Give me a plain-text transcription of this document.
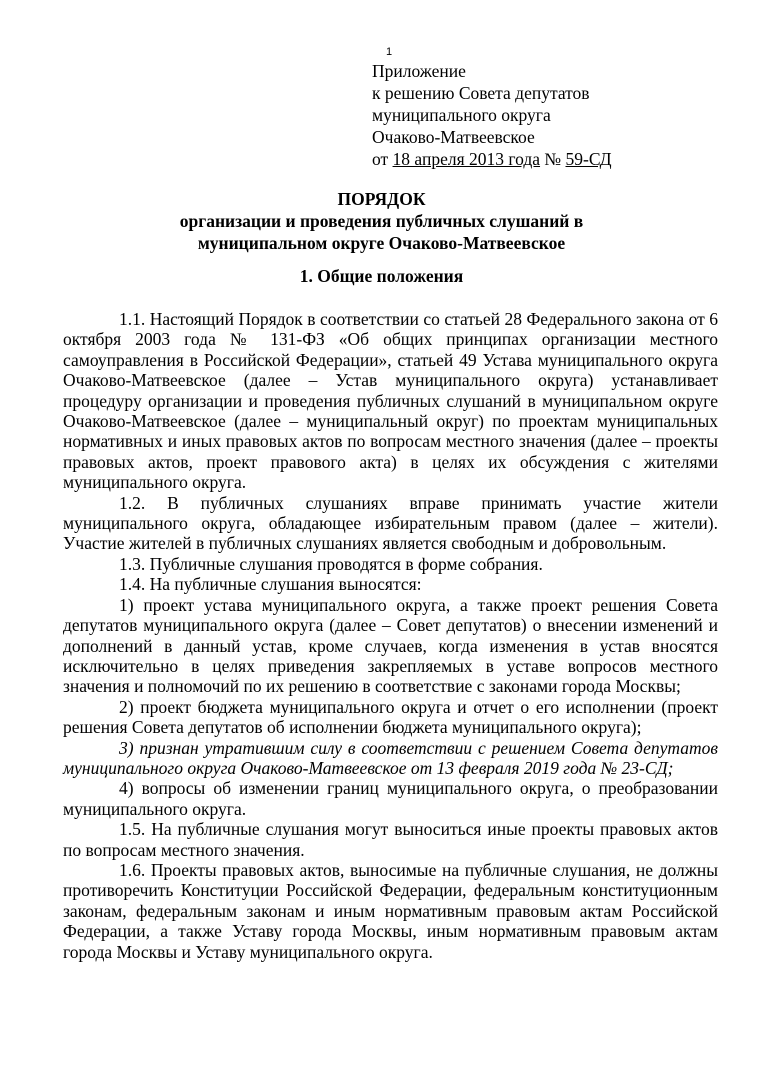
1
Приложение
к решению Совета депутатов
муниципального округа
Очаково-Матвеевское
от 18 апреля 2013 года № 59-СД
ПОРЯДОК
организации и проведения публичных слушаний в
муниципальном округе Очаково-Матвеевское
1. Общие положения

1.1. Настоящий Порядок в соответствии со статьей 28 Федерального закона от 6 октября 2003 года № 131-ФЗ «Об общих принципах организации местного самоуправления в Российской Федерации», статьей 49 Устава муниципального округа Очаково-Матвеевское (далее – Устав муниципального округа) устанавливает процедуру организации и проведения публичных слушаний в муниципальном округе Очаково-Матвеевское (далее – муниципальный округ) по проектам муниципальных нормативных и иных правовых актов по вопросам местного значения (далее – проекты правовых актов, проект правового акта) в целях их обсуждения с жителями муниципального округа.

1.2. В публичных слушаниях вправе принимать участие жители муниципального округа, обладающее избирательным правом (далее – жители). Участие жителей в публичных слушаниях является свободным и добровольным.

1.3. Публичные слушания проводятся в форме собрания.

1.4. На публичные слушания выносятся:

1) проект устава муниципального округа, а также проект решения Совета депутатов муниципального округа (далее – Совет депутатов) о внесении изменений и дополнений в данный устав, кроме случаев, когда изменения в устав вносятся исключительно в целях приведения закрепляемых в уставе вопросов местного значения и полномочий по их решению в соответствие с законами города Москвы;

2) проект бюджета муниципального округа и отчет о его исполнении (проект решения Совета депутатов об исполнении бюджета муниципального округа);

3) признан утратившим силу в соответствии с решением Совета депутатов муниципального округа Очаково-Матвеевское от 13 февраля 2019 года № 23-СД;

4) вопросы об изменении границ муниципального округа, о преобразовании муниципального округа.

1.5. На публичные слушания могут выноситься иные проекты правовых актов по вопросам местного значения.

1.6. Проекты правовых актов, выносимые на публичные слушания, не должны противоречить Конституции Российской Федерации, федеральным конституционным законам, федеральным законам и иным нормативным правовым актам Российской Федерации, а также Уставу города Москвы, иным нормативным правовым актам города Москвы и Уставу муниципального округа.
